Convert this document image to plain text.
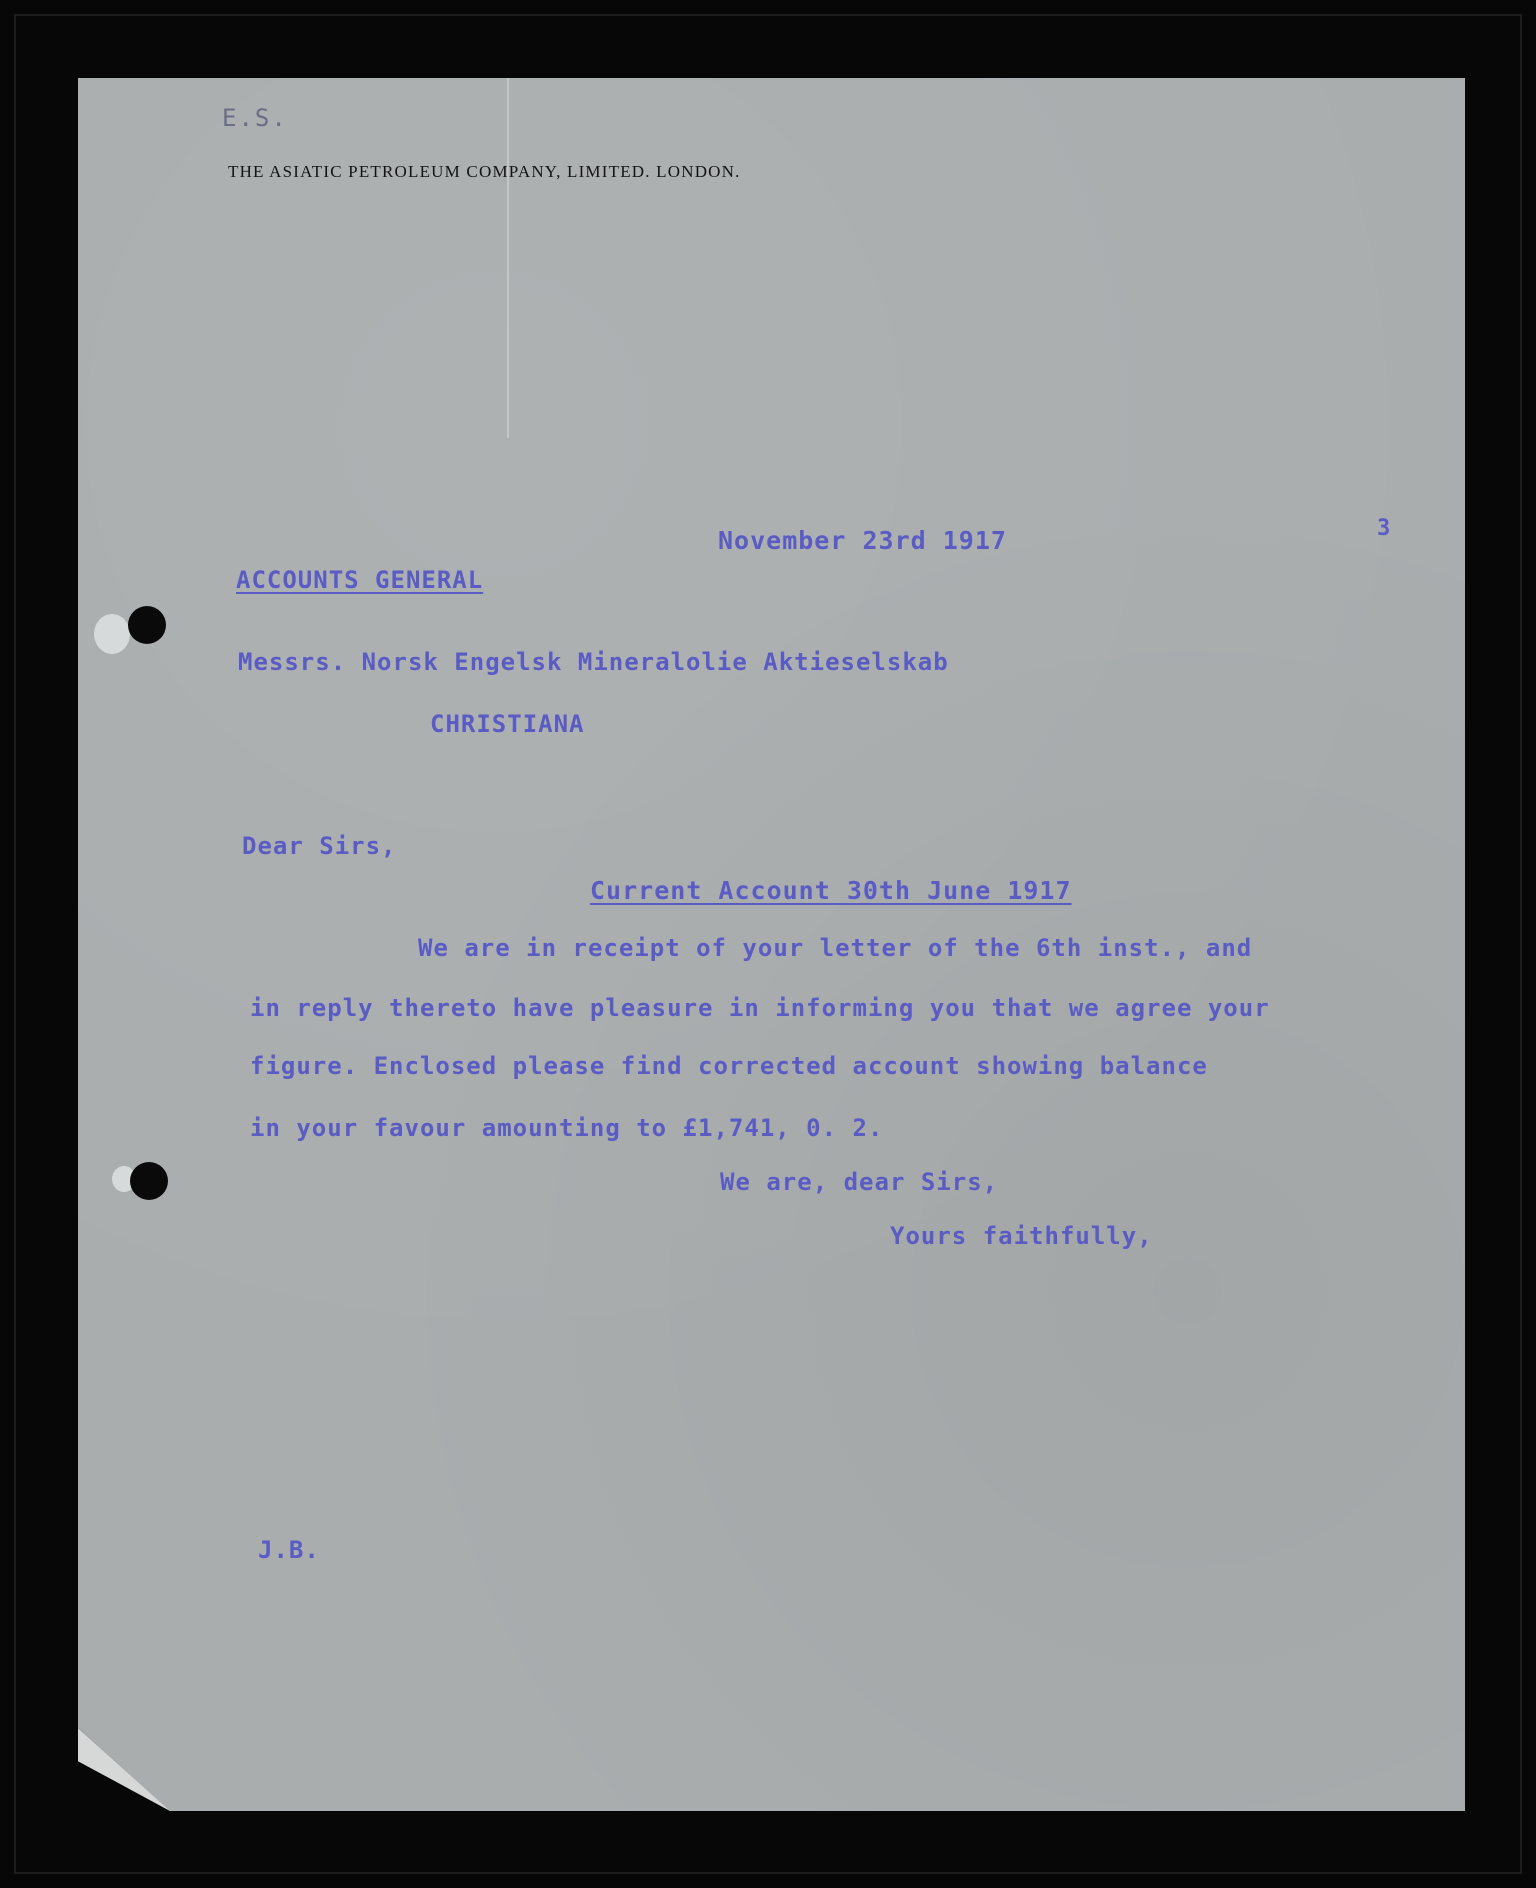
E.S.
THE ASIATIC PETROLEUM COMPANY, LIMITED. LONDON.
November 23rd 1917	3
ACCOUNTS GENERAL
Messrs. Norsk Engelsk Mineralolie Aktieselskab
CHRISTIANA
Dear Sirs,
Current Account 30th June 1917
We are in receipt of your letter of the 6th inst., and
in reply thereto have pleasure in informing you that we agree your
figure. Enclosed please find corrected account showing balance
in your favour amounting to £1,741, 0. 2.
We are, dear Sirs,
Yours faithfully,
J.B.
